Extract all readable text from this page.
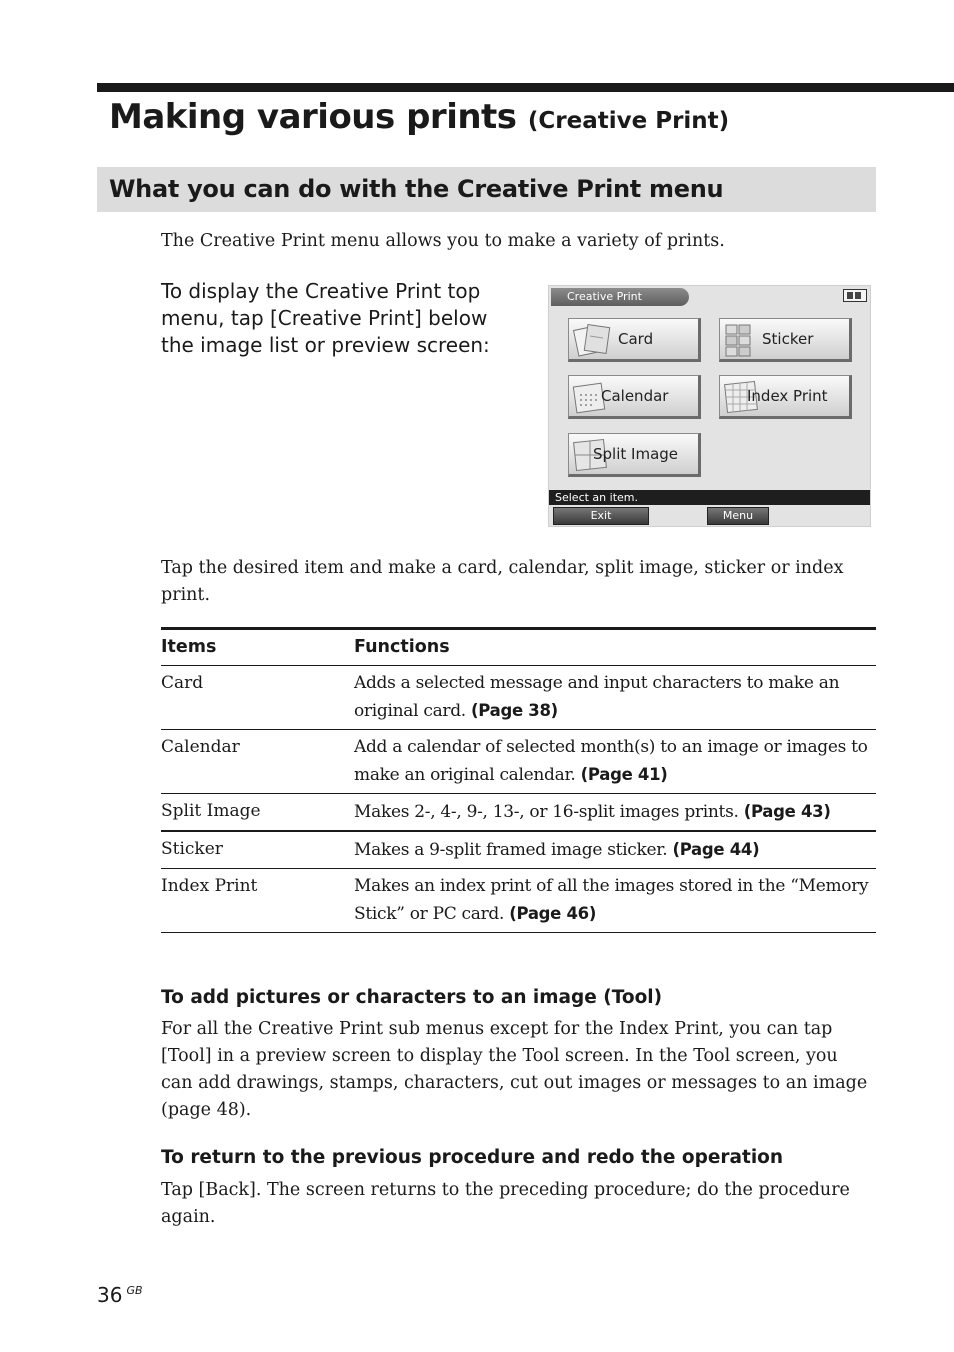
Making various prints (Creative Print)
What you can do with the Creative Print menu
The Creative Print menu allows you to make a variety of prints.
To display the Creative Print top menu, tap [Creative Print] below the image list or preview screen:
Creative Print
Card	Sticker
Calendar	Index Print
Split Image
Select an item.
Exit	Menu
Tap the desired item and make a card, calendar, split image, sticker or index print.
Items	Functions
Card	Adds a selected message and input characters to make an original card. (Page 38)
Calendar	Add a calendar of selected month(s) to an image or images to make an original calendar. (Page 41)
Split Image	Makes 2-, 4-, 9-, 13-, or 16-split images prints. (Page 43)
Sticker	Makes a 9-split framed image sticker. (Page 44)
Index Print	Makes an index print of all the images stored in the “Memory Stick” or PC card. (Page 46)
To add pictures or characters to an image (Tool)

For all the Creative Print sub menus except for the Index Print, you can tap [Tool] in a preview screen to display the Tool screen. In the Tool screen, you can add drawings, stamps, characters, cut out images or messages to an image (page 48).

To return to the previous procedure and redo the operation

Tap [Back]. The screen returns to the preceding procedure; do the procedure again.

36 $^{GB}$
